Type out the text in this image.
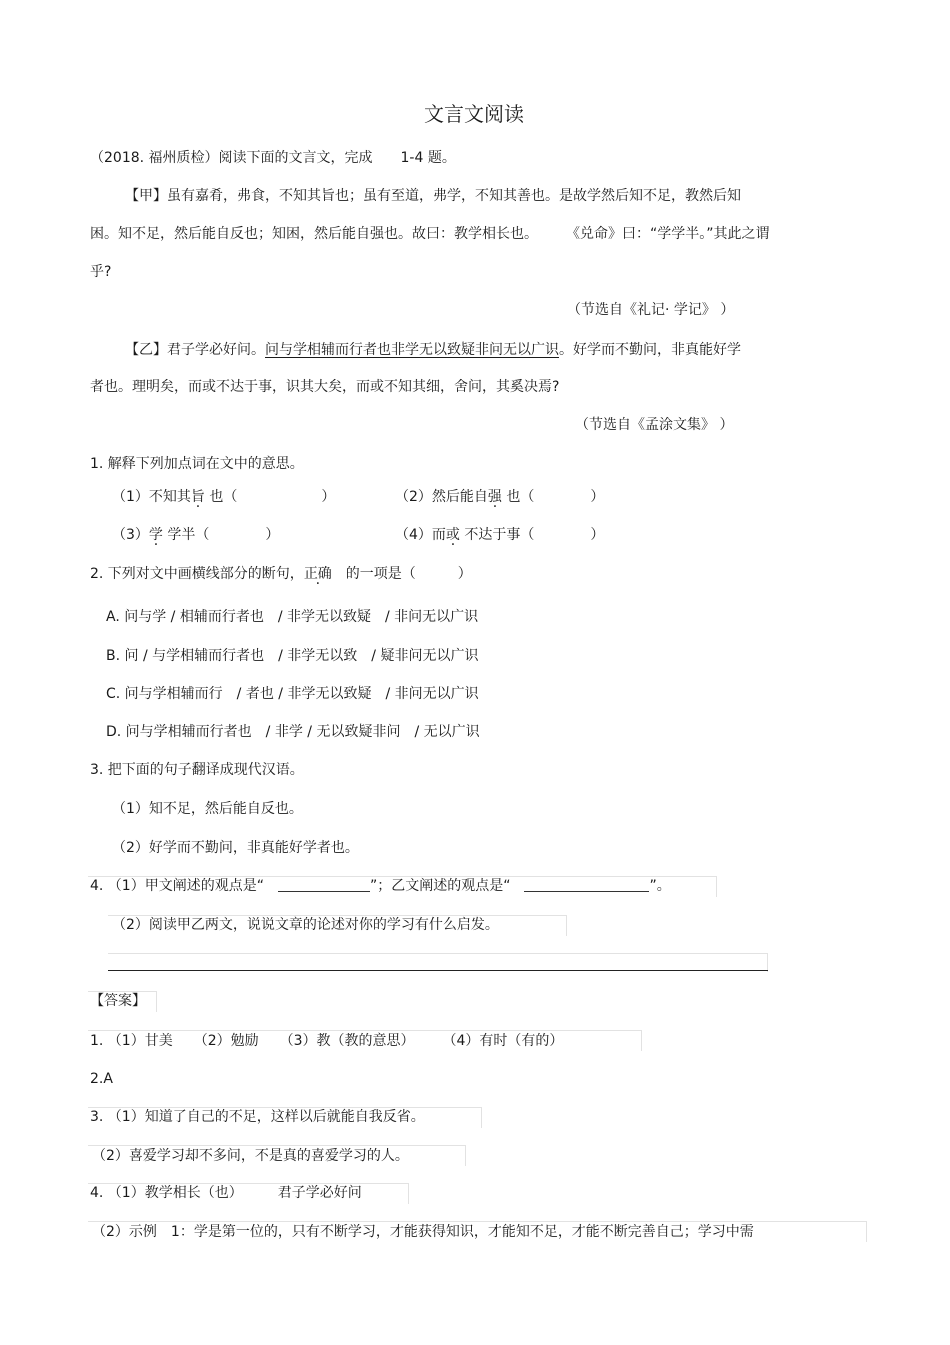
文言文阅读
（2018. 福州质检）阅读下面的文言文，完成　　1-4 题。
【甲】虽有嘉肴，弗食，不知其旨也；虽有至道，弗学，不知其善也。是故学然后知不足，教然后知
困。知不足，然后能自反也；知困，然后能自强也。故曰：教学相长也。　　　《兑命》曰：“学学半。”其此之谓
乎?
（节选自《礼记· 学记》 ）
【乙】君子学必好问。问与学相辅而行者也非学无以致疑非问无以广识。好学而不勤问，非真能好学
者也。理明矣，而或不达于事，识其大矣，而或不知其细，舍问，其奚决焉?
（节选自《孟涂文集》 ）
1. 解释下列加点词在文中的意思。
（1）不知其旨 也（　　　　　　）	（2）然后能自强 也（　　　　）
（3）学 学半（　　　　）	（4）而或 不达于事（　　　　）
2. 下列对文中画横线部分的断句，正确　的一项是（　　　）
A. 问与学 / 相辅而行者也　/ 非学无以致疑　/ 非问无以广识
B. 问 / 与学相辅而行者也　/ 非学无以致　/ 疑非问无以广识
C. 问与学相辅而行　/ 者也 / 非学无以致疑　/ 非问无以广识
D. 问与学相辅而行者也　/ 非学 / 无以致疑非问　/ 无以广识
3. 把下面的句子翻译成现代汉语。
（1）知不足，然后能自反也。
（2）好学而不勤问，非真能好学者也。
4. （1）甲文阐述的观点是“	”；乙文阐述的观点是“	”。
（2）阅读甲乙两文，说说文章的论述对你的学习有什么启发。
【答案】
1. （1）甘美　　（2）勉励　　（3）教（教的意思）　　　（4）有时（有的）
2.A
3. （1）知道了自己的不足，这样以后就能自我反省。
（2）喜爱学习却不多问，不是真的喜爱学习的人。
4. （1）教学相长（也）　　　君子学必好问
（2）示例　1：学是第一位的，只有不断学习，才能获得知识，才能知不足，才能不断完善自己；学习中需
